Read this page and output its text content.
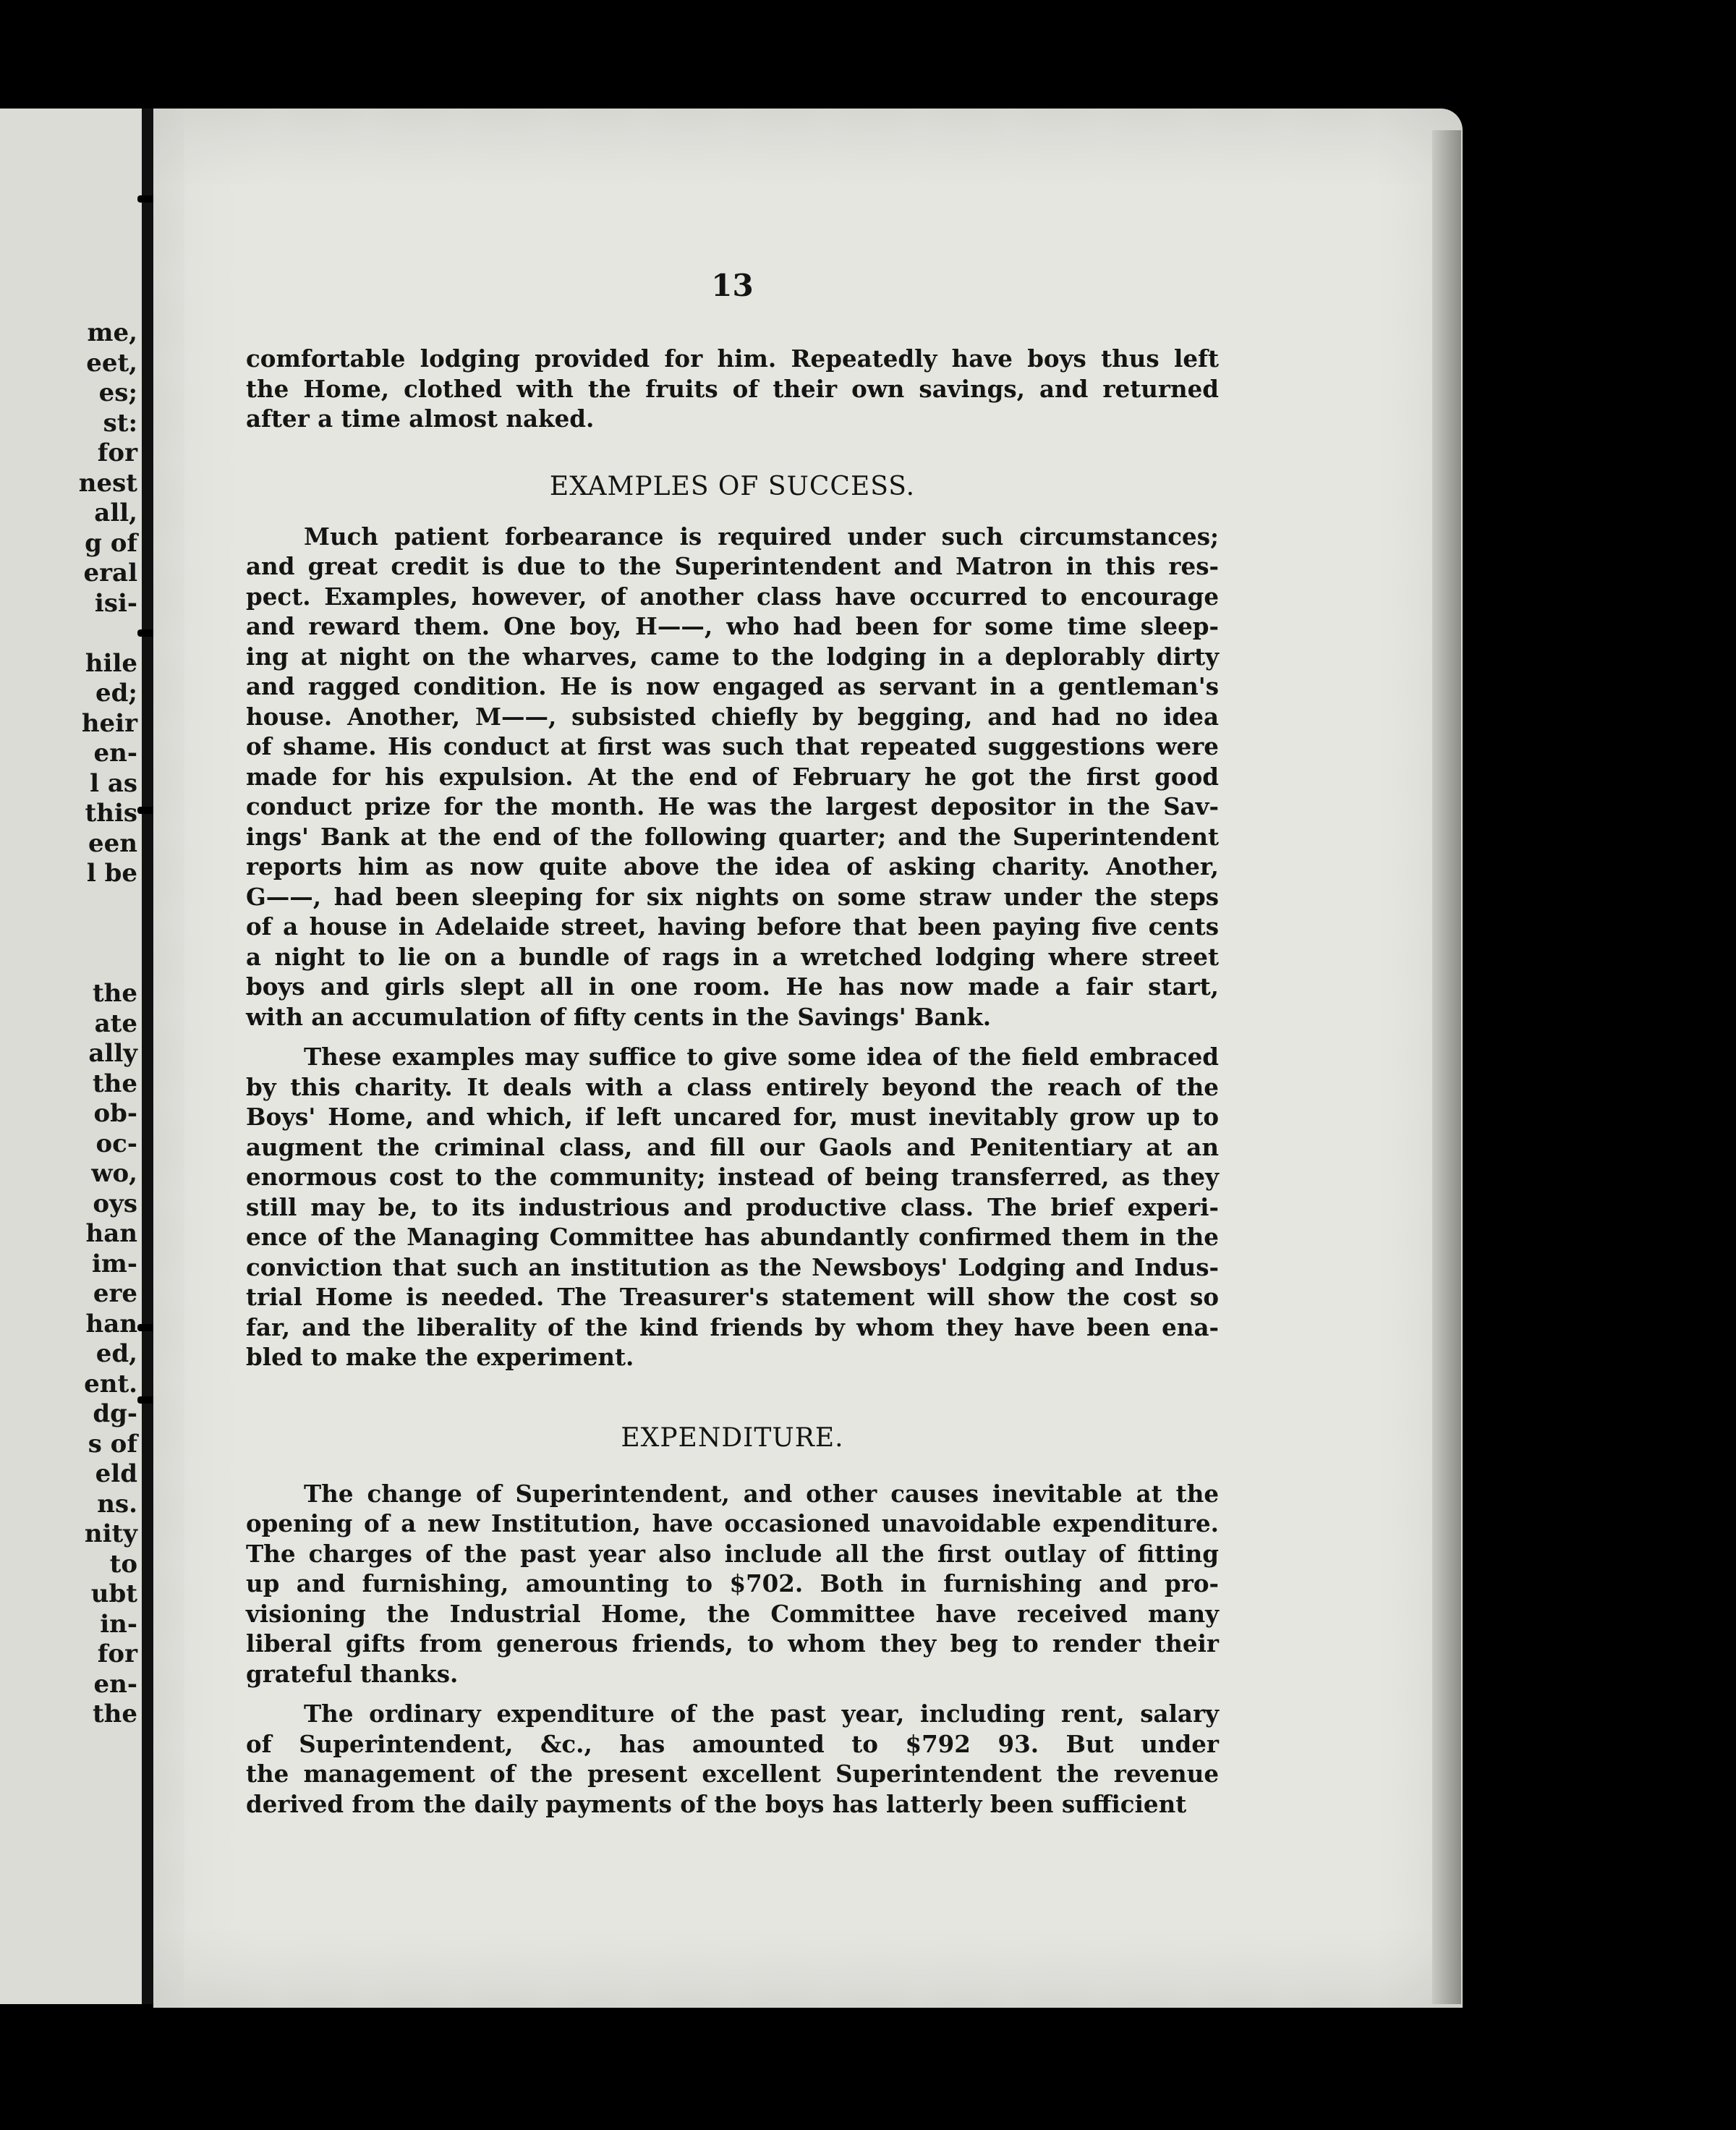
me,
eet,
es;
st:
for
nest
all,
g of
eral
isi-

hile
ed;
heir
en-
l as
this
een
l be

the
ate
ally
the
ob-
oc-
wo,
oys
han
im-
ere
han
ed,
ent.
dg-
s of
eld
ns.
nity
to
ubt
in-
for
en-
the
13

comfortable lodging provided for him. Repeatedly have boys thus left
the Home, clothed with the fruits of their own savings, and returned
after a time almost naked.

EXAMPLES OF SUCCESS.

Much patient forbearance is required under such circumstances;
and great credit is due to the Superintendent and Matron in this res-
pect. Examples, however, of another class have occurred to encourage
and reward them. One boy, H——, who had been for some time sleep-
ing at night on the wharves, came to the lodging in a deplorably dirty
and ragged condition. He is now engaged as servant in a gentleman's
house. Another, M——, subsisted chiefly by begging, and had no idea
of shame. His conduct at first was such that repeated suggestions were
made for his expulsion. At the end of February he got the first good
conduct prize for the month. He was the largest depositor in the Sav-
ings' Bank at the end of the following quarter; and the Superintendent
reports him as now quite above the idea of asking charity. Another,
G——, had been sleeping for six nights on some straw under the steps
of a house in Adelaide street, having before that been paying five cents
a night to lie on a bundle of rags in a wretched lodging where street
boys and girls slept all in one room. He has now made a fair start,
with an accumulation of fifty cents in the Savings' Bank.

These examples may suffice to give some idea of the field embraced
by this charity. It deals with a class entirely beyond the reach of the
Boys' Home, and which, if left uncared for, must inevitably grow up to
augment the criminal class, and fill our Gaols and Penitentiary at an
enormous cost to the community; instead of being transferred, as they
still may be, to its industrious and productive class. The brief experi-
ence of the Managing Committee has abundantly confirmed them in the
conviction that such an institution as the Newsboys' Lodging and Indus-
trial Home is needed. The Treasurer's statement will show the cost so
far, and the liberality of the kind friends by whom they have been ena-
bled to make the experiment.

EXPENDITURE.

The change of Superintendent, and other causes inevitable at the
opening of a new Institution, have occasioned unavoidable expenditure.
The charges of the past year also include all the first outlay of fitting
up and furnishing, amounting to $702. Both in furnishing and pro-
visioning the Industrial Home, the Committee have received many
liberal gifts from generous friends, to whom they beg to render their
grateful thanks.

The ordinary expenditure of the past year, including rent, salary
of Superintendent, &c., has amounted to $792 93. But under
the management of the present excellent Superintendent the revenue
derived from the daily payments of the boys has latterly been sufficient
